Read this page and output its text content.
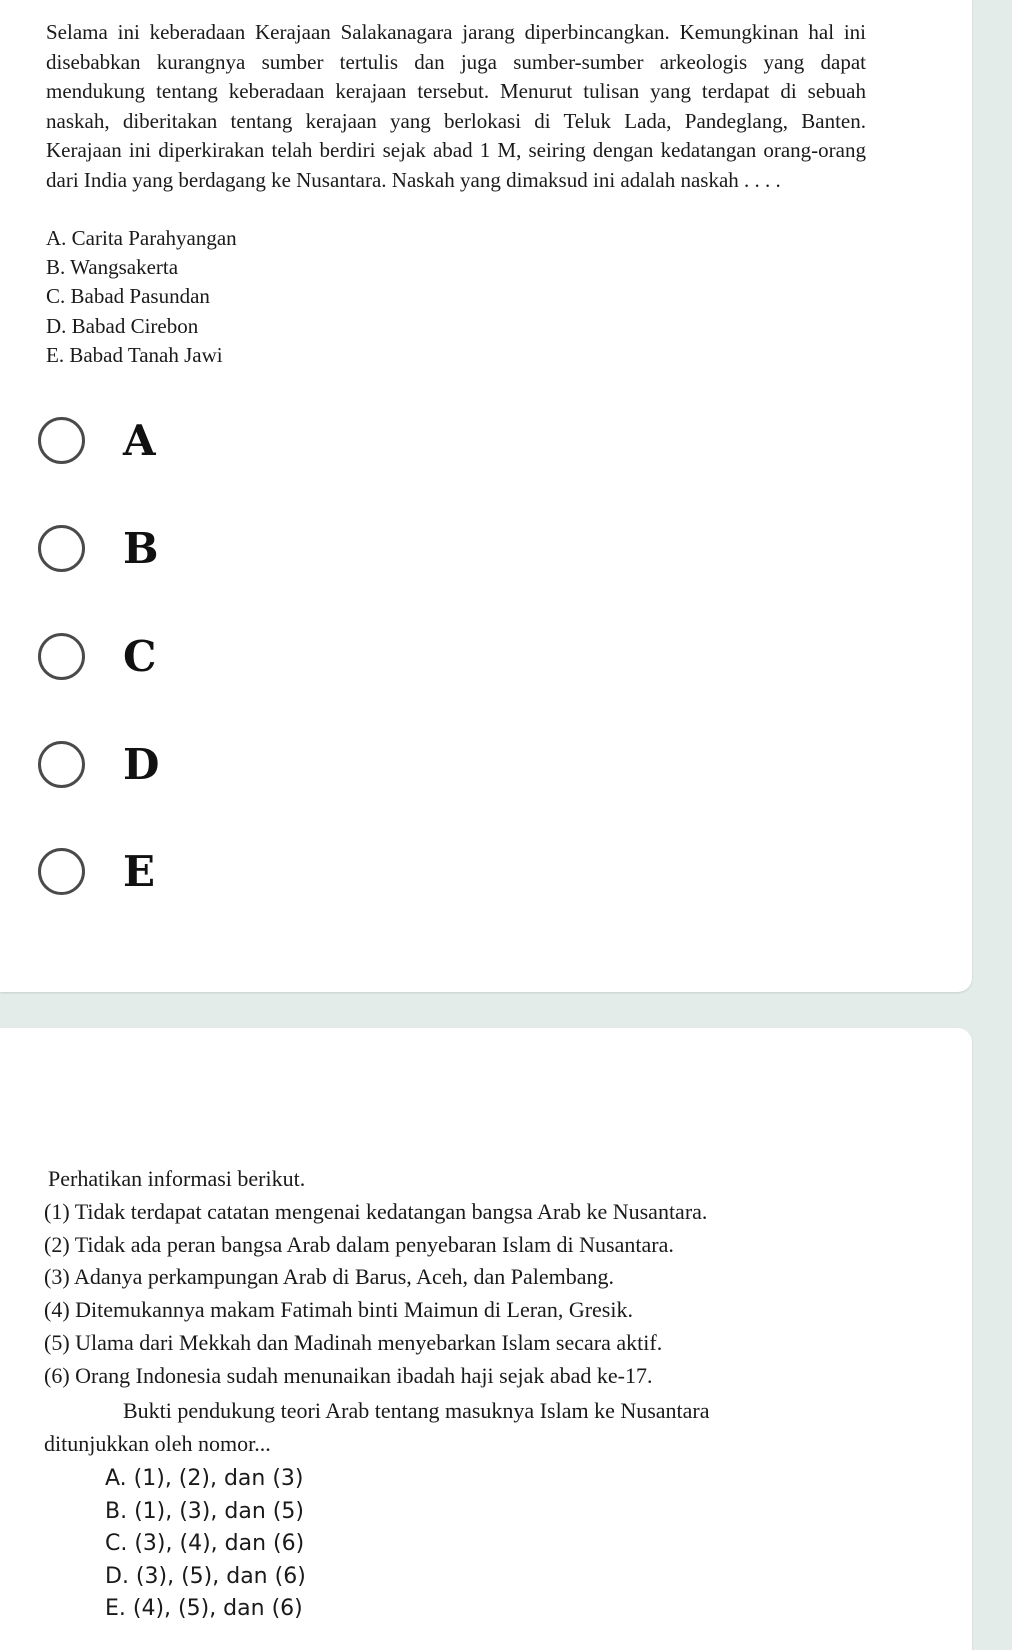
Selama ini keberadaan Kerajaan Salakanagara jarang diperbincangkan. Kemungkinan hal ini disebabkan kurangnya sumber tertulis dan juga sumber-sumber arkeologis yang dapat mendukung tentang keberadaan kerajaan tersebut. Menurut tulisan yang terdapat di sebuah naskah, diberitakan tentang kerajaan yang berlokasi di Teluk Lada, Pandeglang, Banten. Kerajaan ini diperkirakan telah berdiri sejak abad 1 M, seiring dengan kedatangan orang-orang dari India yang berdagang ke Nusantara. Naskah yang dimaksud ini adalah naskah . . . .
A. Carita Parahyangan
B. Wangsakerta
C. Babad Pasundan
D. Babad Cirebon
E. Babad Tanah Jawi
A
B
C
D
E
Perhatikan informasi berikut.
(1) Tidak terdapat catatan mengenai kedatangan bangsa Arab ke Nusantara.
(2) Tidak ada peran bangsa Arab dalam penyebaran Islam di Nusantara.
(3) Adanya perkampungan Arab di Barus, Aceh, dan Palembang.
(4) Ditemukannya makam Fatimah binti Maimun di Leran, Gresik.
(5) Ulama dari Mekkah dan Madinah menyebarkan Islam secara aktif.
(6) Orang Indonesia sudah menunaikan ibadah haji sejak abad ke-17.
Bukti pendukung teori Arab tentang masuknya Islam ke Nusantara
ditunjukkan oleh nomor...
A. (1), (2), dan (3)
B. (1), (3), dan (5)
C. (3), (4), dan (6)
D. (3), (5), dan (6)
E. (4), (5), dan (6)
